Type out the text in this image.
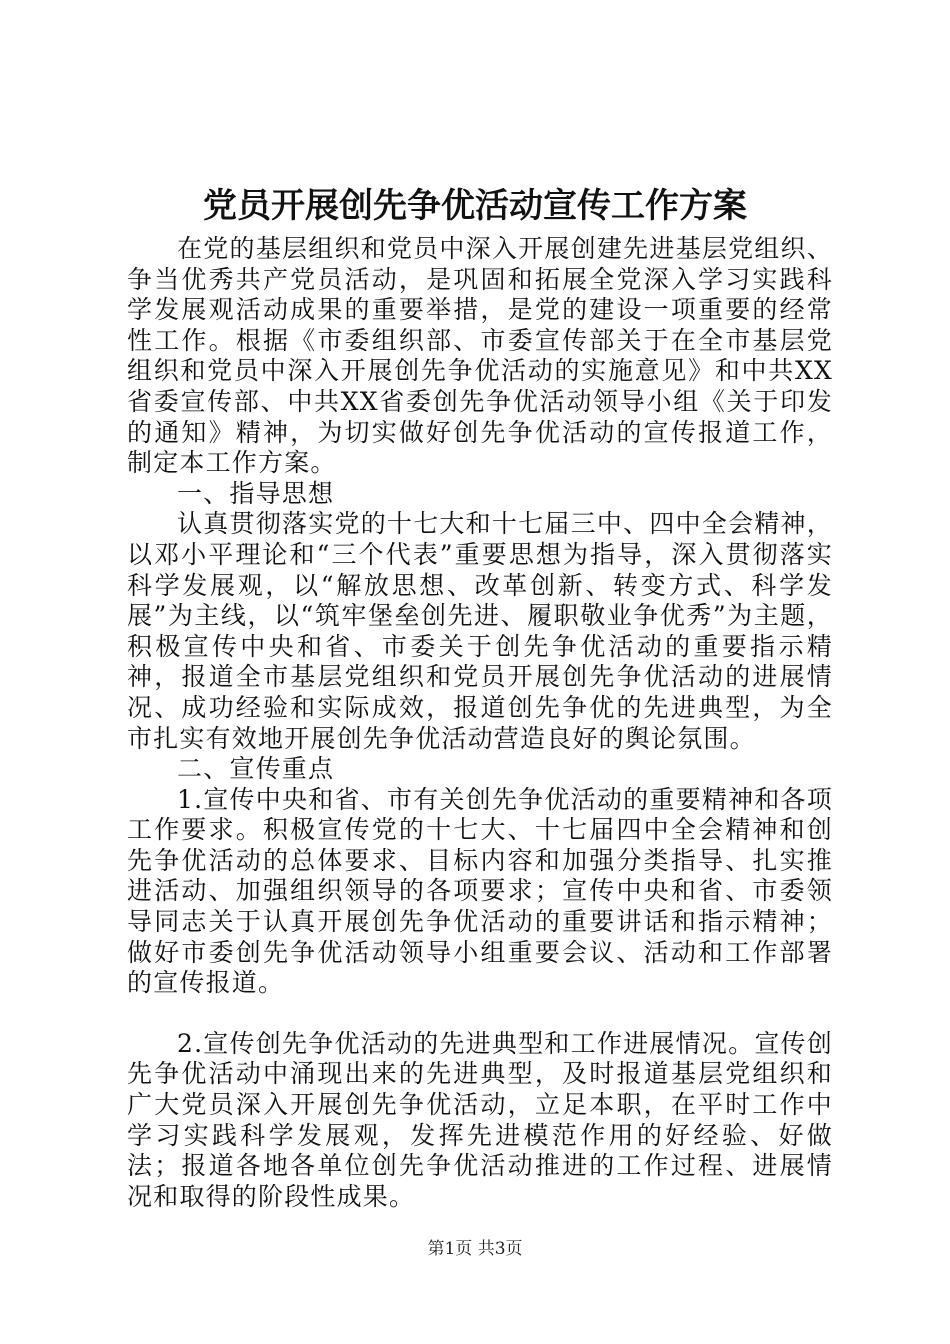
党员开展创先争优活动宣传工作方案

在党的基层组织和党员中深入开展创建先进基层党组织、争当优秀共产党员活动，是巩固和拓展全党深入学习实践科学发展观活动成果的重要举措，是党的建设一项重要的经常性工作。根据《市委组织部、市委宣传部关于在全市基层党组织和党员中深入开展创先争优活动的实施意见》和中共XX省委宣传部、中共XX省委创先争优活动领导小组《关于印发的通知》精神，为切实做好创先争优活动的宣传报道工作，制定本工作方案。

一、指导思想

认真贯彻落实党的十七大和十七届三中、四中全会精神，以邓小平理论和“三个代表”重要思想为指导，深入贯彻落实科学发展观，以“解放思想、改革创新、转变方式、科学发展”为主线，以“筑牢堡垒创先进、履职敬业争优秀”为主题，积极宣传中央和省、市委关于创先争优活动的重要指示精神，报道全市基层党组织和党员开展创先争优活动的进展情况、成功经验和实际成效，报道创先争优的先进典型，为全市扎实有效地开展创先争优活动营造良好的舆论氛围。

二、宣传重点

1.宣传中央和省、市有关创先争优活动的重要精神和各项工作要求。积极宣传党的十七大、十七届四中全会精神和创先争优活动的总体要求、目标内容和加强分类指导、扎实推进活动、加强组织领导的各项要求；宣传中央和省、市委领导同志关于认真开展创先争优活动的重要讲话和指示精神；做好市委创先争优活动领导小组重要会议、活动和工作部署的宣传报道。

2.宣传创先争优活动的先进典型和工作进展情况。宣传创先争优活动中涌现出来的先进典型，及时报道基层党组织和广大党员深入开展创先争优活动，立足本职，在平时工作中学习实践科学发展观，发挥先进模范作用的好经验、好做法；报道各地各单位创先争优活动推进的工作过程、进展情况和取得的阶段性成果。

第1页 共3页
